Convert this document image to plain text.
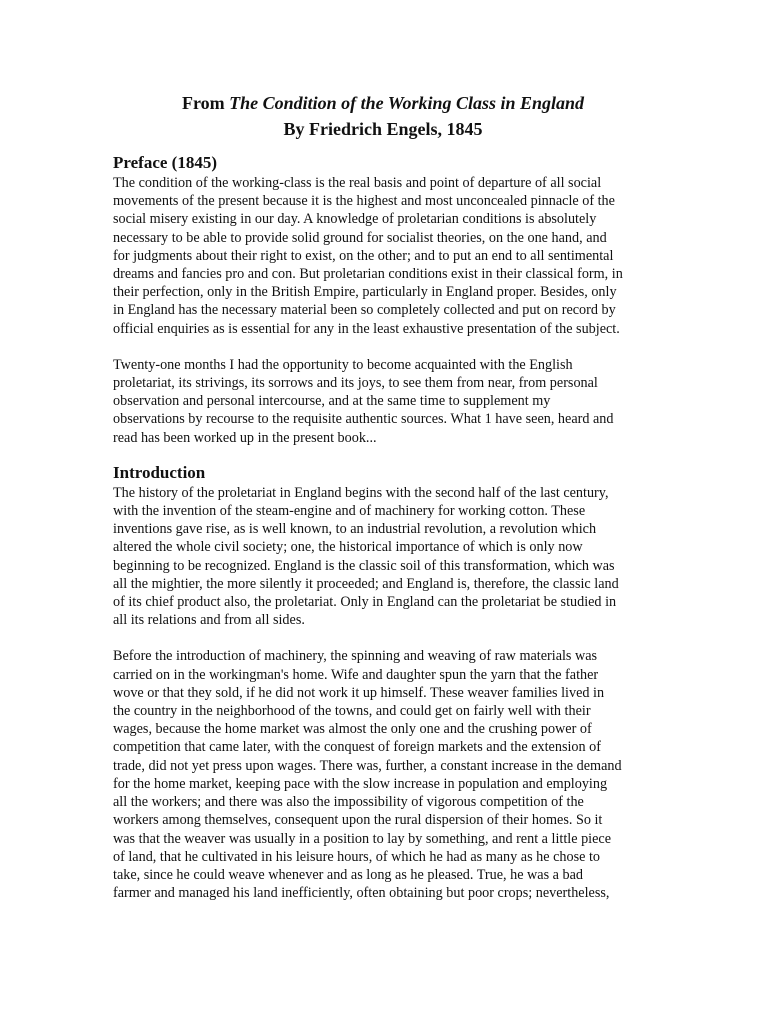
From The Condition of the Working Class in England
By Friedrich Engels, 1845
Preface (1845)
The condition of the working-class is the real basis and point of departure of all social
movements of the present because it is the highest and most unconcealed pinnacle of the
social misery existing in our day. A knowledge of proletarian conditions is absolutely
necessary to be able to provide solid ground for socialist theories, on the one hand, and
for judgments about their right to exist, on the other; and to put an end to all sentimental
dreams and fancies pro and con. But proletarian conditions exist in their classical form, in
their perfection, only in the British Empire, particularly in England proper. Besides, only
in England has the necessary material been so completely collected and put on record by
official enquiries as is essential for any in the least exhaustive presentation of the subject.
Twenty-one months I had the opportunity to become acquainted with the English
proletariat, its strivings, its sorrows and its joys, to see them from near, from personal
observation and personal intercourse, and at the same time to supplement my
observations by recourse to the requisite authentic sources. What 1 have seen, heard and
read has been worked up in the present book...
Introduction
The history of the proletariat in England begins with the second half of the last century,
with the invention of the steam-engine and of machinery for working cotton. These
inventions gave rise, as is well known, to an industrial revolution, a revolution which
altered the whole civil society; one, the historical importance of which is only now
beginning to be recognized. England is the classic soil of this transformation, which was
all the mightier, the more silently it proceeded; and England is, therefore, the classic land
of its chief product also, the proletariat. Only in England can the proletariat be studied in
all its relations and from all sides.
Before the introduction of machinery, the spinning and weaving of raw materials was
carried on in the workingman's home. Wife and daughter spun the yarn that the father
wove or that they sold, if he did not work it up himself. These weaver families lived in
the country in the neighborhood of the towns, and could get on fairly well with their
wages, because the home market was almost the only one and the crushing power of
competition that came later, with the conquest of foreign markets and the extension of
trade, did not yet press upon wages. There was, further, a constant increase in the demand
for the home market, keeping pace with the slow increase in population and employing
all the workers; and there was also the impossibility of vigorous competition of the
workers among themselves, consequent upon the rural dispersion of their homes. So it
was that the weaver was usually in a position to lay by something, and rent a little piece
of land, that he cultivated in his leisure hours, of which he had as many as he chose to
take, since he could weave whenever and as long as he pleased. True, he was a bad
farmer and managed his land inefficiently, often obtaining but poor crops; nevertheless,
